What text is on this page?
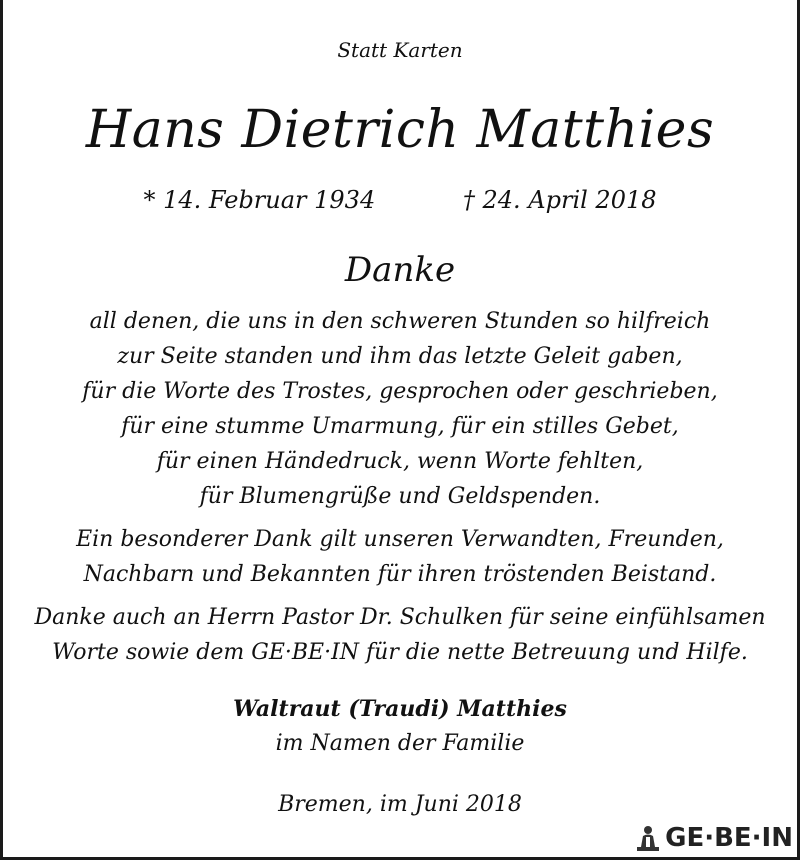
Statt Karten
Hans Dietrich Matthies
* 14. Februar 1934	† 24. April 2018
Danke
all denen, die uns in den schweren Stunden so hilfreich
zur Seite standen und ihm das letzte Geleit gaben,
für die Worte des Trostes, gesprochen oder geschrieben,
für eine stumme Umarmung, für ein stilles Gebet,
für einen Händedruck, wenn Worte fehlten,
für Blumengrüße und Geldspenden.
Ein besonderer Dank gilt unseren Verwandten, Freunden,
Nachbarn und Bekannten für ihren tröstenden Beistand.
Danke auch an Herrn Pastor Dr. Schulken für seine einfühlsamen
Worte sowie dem GE·BE·IN für die nette Betreuung und Hilfe.
Waltraut (Traudi) Matthies
im Namen der Familie
Bremen, im Juni 2018
GE·BE·IN
